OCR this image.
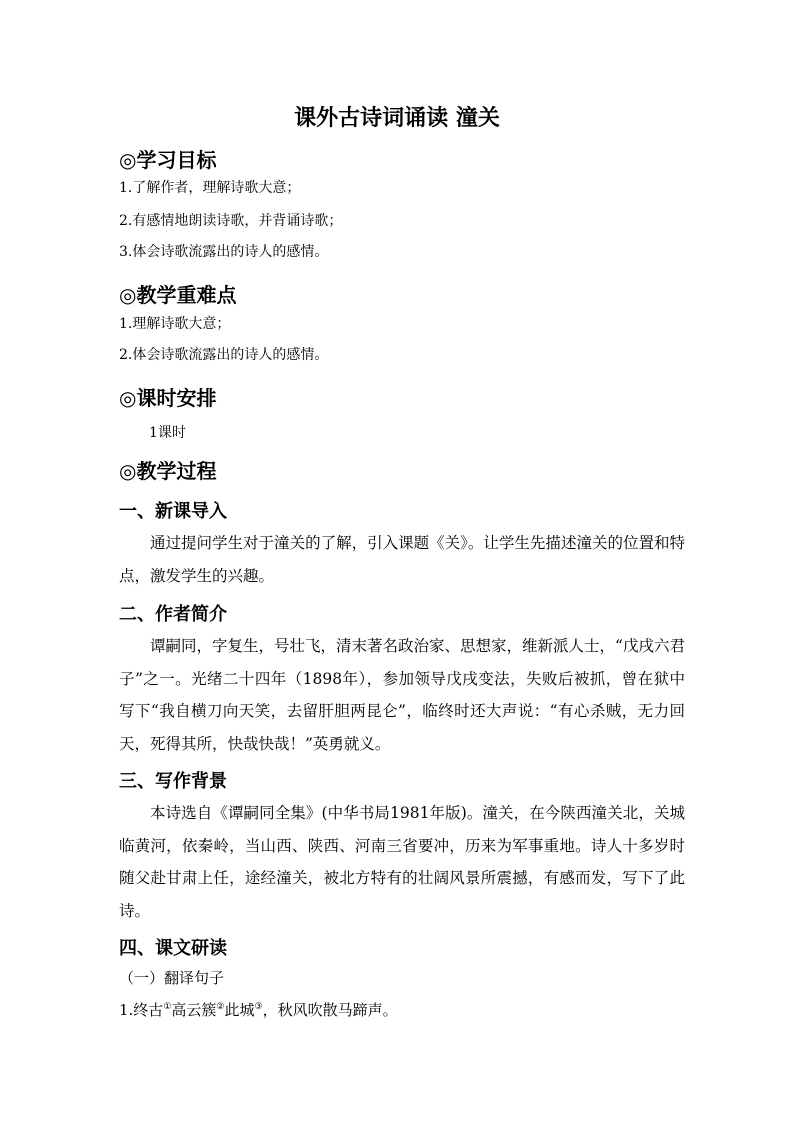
课外古诗词诵读 潼关
◎学习目标

1.了解作者，理解诗歌大意；

2.有感情地朗读诗歌，并背诵诗歌；

3.体会诗歌流露出的诗人的感情。

◎教学重难点

1.理解诗歌大意；

2.体会诗歌流露出的诗人的感情。

◎课时安排

1课时

◎教学过程
一、新课导入

通过提问学生对于潼关的了解，引入课题《关》。让学生先描述潼关的位置和特点，激发学生的兴趣。

二、作者简介

谭嗣同，字复生，号壮飞，清末著名政治家、思想家，维新派人士，“戊戌六君子”之一。光绪二十四年（1898年），参加领导戊戌变法，失败后被抓，曾在狱中写下“我自横刀向天笑，去留肝胆两昆仑”，临终时还大声说：“有心杀贼，无力回天，死得其所，快哉快哉！”英勇就义。

三、写作背景

本诗选自《谭嗣同全集》(中华书局1981年版)。潼关，在今陕西潼关北，关城临黄河，依秦岭，当山西、陕西、河南三省要冲，历来为军事重地。诗人十多岁时随父赴甘肃上任，途经潼关，被北方特有的壮阔风景所震撼，有感而发，写下了此诗。

四、课文研读

（一）翻译句子

1.终古①高云簇②此城③，秋风吹散马蹄声。
